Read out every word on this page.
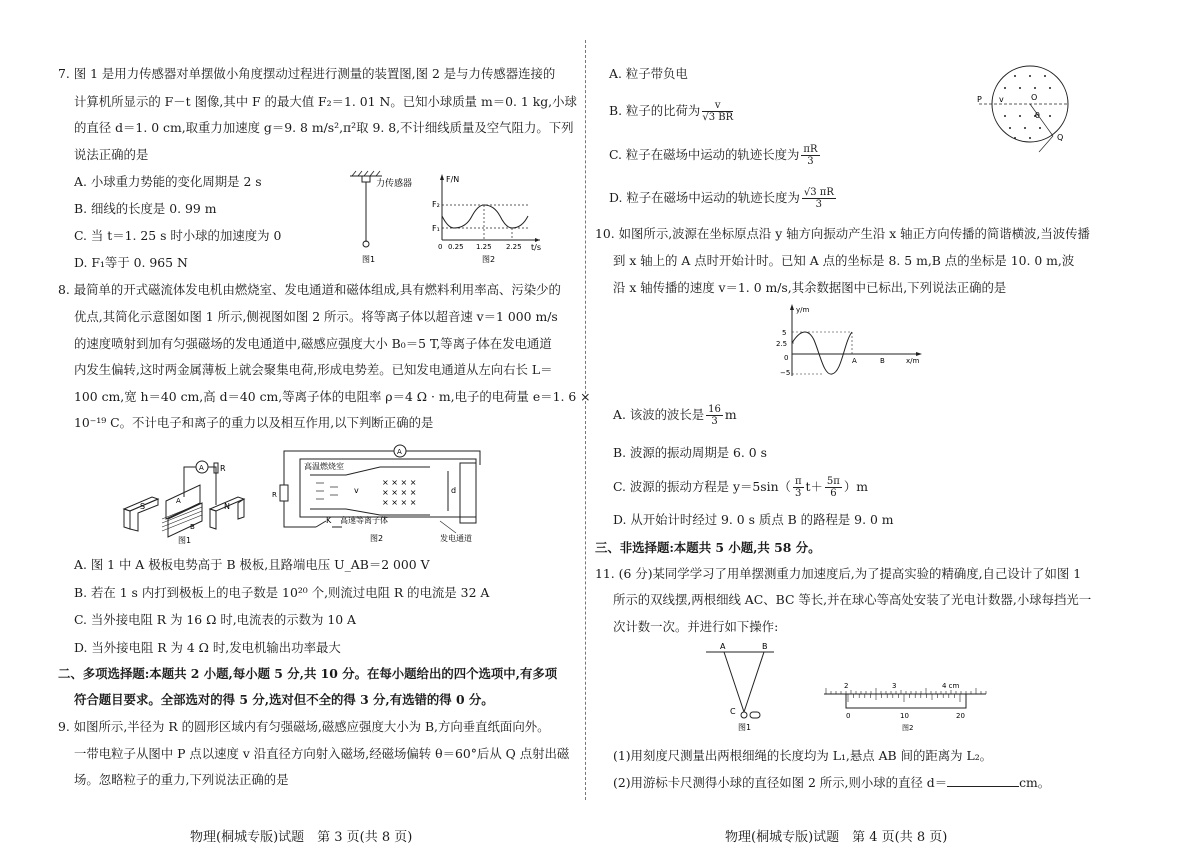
7. 图 1 是用力传感器对单摆做小角度摆动过程进行测量的装置图,图 2 是与力传感器连接的
计算机所显示的 F－t 图像,其中 F 的最大值 F₂＝1. 01 N。已知小球质量 m＝0. 1 kg,小球
的直径 d＝1. 0 cm,取重力加速度 g＝9. 8 m/s²,π²取 9. 8,不计细线质量及空气阻力。下列
说法正确的是
A. 小球重力势能的变化周期是 2 s
B. 细线的长度是 0. 99 m
C. 当 t＝1. 25 s 时小球的加速度为 0
D. F₁等于 0. 965 N
力传感器
图1
F/N
t/s
F₂
F₁
0 0.25 1.25 2.25
图2
8. 最简单的开式磁流体发电机由燃烧室、发电通道和磁体组成,具有燃料利用率高、污染少的
优点,其简化示意图如图 1 所示,侧视图如图 2 所示。将等离子体以超音速 v＝1 000 m/s
的速度喷射到加有匀强磁场的发电通道中,磁感应强度大小 B₀＝5 T,等离子体在发电通道
内发生偏转,这时两金属薄板上就会聚集电荷,形成电势差。已知发电通道从左向右长 L＝
100 cm,宽 h＝40 cm,高 d＝40 cm,等离子体的电阻率 ρ＝4 Ω · m,电子的电荷量 e＝1. 6 ×
10⁻¹⁹ C。不计电子和离子的重力以及相互作用,以下判断正确的是
A R
S	N
A
B
图1
A
R
高温燃烧室
v
× × × ×
× × × ×
× × × ×
d
K 高速等离子体
发电通道
图2
A. 图 1 中 A 极板电势高于 B 极板,且路端电压 U_AB＝2 000 V
B. 若在 1 s 内打到极板上的电子数是 10²⁰ 个,则流过电阻 R 的电流是 32 A
C. 当外接电阻 R 为 16 Ω 时,电流表的示数为 10 A
D. 当外接电阻 R 为 4 Ω 时,发电机输出功率最大
二、多项选择题:本题共 2 小题,每小题 5 分,共 10 分。在每小题给出的四个选项中,有多项
符合题目要求。全部选对的得 5 分,选对但不全的得 3 分,有选错的得 0 分。
9. 如图所示,半径为 R 的圆形区域内有匀强磁场,磁感应强度大小为 B,方向垂直纸面向外。
一带电粒子从图中 P 点以速度 v 沿直径方向射入磁场,经磁场偏转 θ＝60°后从 Q 点射出磁
场。忽略粒子的重力,下列说法正确的是
物理(桐城专版)试题　第 3 页(共 8 页)
A. 粒子带负电
B. 粒子的比荷为 $\frac{v}{√3 BR}$
C. 粒子在磁场中运动的轨迹长度为 $\frac{\pi R}{3}$
D. 粒子在磁场中运动的轨迹长度为 $\frac{√3 \pi R}{3}$
P v	O
Q
θ
10. 如图所示,波源在坐标原点沿 y 轴方向振动产生沿 x 轴正方向传播的简谐横波,当波传播
到 x 轴上的 A 点时开始计时。已知 A 点的坐标是 8. 5 m,B 点的坐标是 10. 0 m,波
沿 x 轴传播的速度 v＝1. 0 m/s,其余数据图中已标出,下列说法正确的是
y/m
x/m
5
2.5
0
−5
A	B
A. 该波的波长是 $\frac{16}{3}$ m
B. 波源的振动周期是 6. 0 s
C. 波源的振动方程是 $y=5\sin( \frac{\pi}{3} t+ \frac{5\pi}{6} )m$
D. 从开始计时经过 9. 0 s 质点 B 的路程是 9. 0 m
三、非选择题:本题共 5 小题,共 58 分。
11. (6 分)某同学学习了用单摆测重力加速度后,为了提高实验的精确度,自己设计了如图 1
所示的双线摆,两根细线 AC、BC 等长,并在球心等高处安装了光电计数器,小球每挡光一
次计数一次。并进行如下操作:
A	B
C
图1
2	3	4 cm
0	10	20
图2
(1)用刻度尺测量出两根细绳的长度均为 L₁,悬点 AB 间的距离为 L₂。
(2)用游标卡尺测得小球的直径如图 2 所示,则小球的直径 d＝	cm。
物理(桐城专版)试题　第 4 页(共 8 页)
